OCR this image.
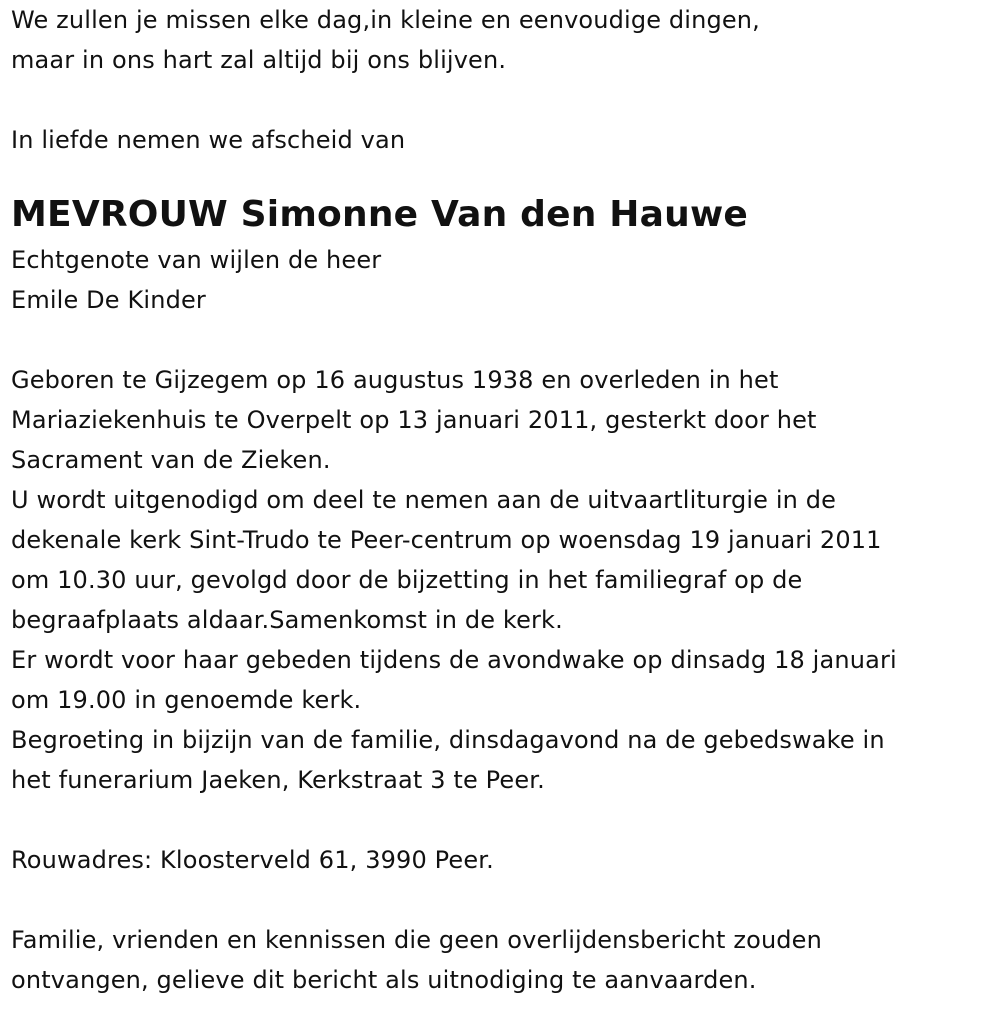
We zullen je missen elke dag,in kleine en eenvoudige dingen,
maar in ons hart zal altijd bij ons blijven.
In liefde nemen we afscheid van
MEVROUW Simonne Van den Hauwe
Echtgenote van wijlen de heer
Emile De Kinder
Geboren te Gijzegem op 16 augustus 1938 en overleden in het
Mariaziekenhuis te Overpelt op 13 januari 2011, gesterkt door het
Sacrament van de Zieken.
U wordt uitgenodigd om deel te nemen aan de uitvaartliturgie in de
dekenale kerk Sint-Trudo te Peer-centrum op woensdag 19 januari 2011
om 10.30 uur, gevolgd door de bijzetting in het familiegraf op de
begraafplaats aldaar.Samenkomst in de kerk.
Er wordt voor haar gebeden tijdens de avondwake op dinsadg 18 januari
om 19.00 in genoemde kerk.
Begroeting in bijzijn van de familie, dinsdagavond na de gebedswake in
het funerarium Jaeken, Kerkstraat 3 te Peer.
Rouwadres: Kloosterveld 61, 3990 Peer.
Familie, vrienden en kennissen die geen overlijdensbericht zouden
ontvangen, gelieve dit bericht als uitnodiging te aanvaarden.
